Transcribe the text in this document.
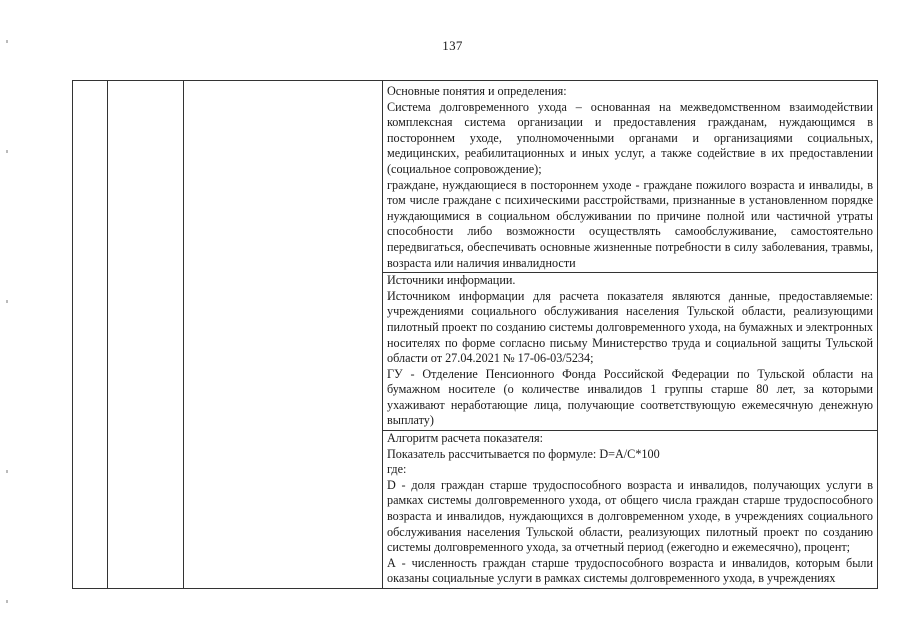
137

Основные понятия и определения:

Система долговременного ухода – основанная на межведомственном взаимодействии комплексная система организации и предоставления гражданам, нуждающимся в постороннем уходе, уполномоченными органами и организациями социальных, медицинских, реабилитационных и иных услуг, а также содействие в их предоставлении (социальное сопровождение);

граждане, нуждающиеся в постороннем уходе - граждане пожилого возраста и инвалиды, в том числе граждане с психическими расстройствами, признанные в установленном порядке нуждающимися в социальном обслуживании по причине полной или частичной утраты способности либо возможности осуществлять самообслуживание, самостоятельно передвигаться, обеспечивать основные жизненные потребности в силу заболевания, травмы, возраста или наличия инвалидности

Источники информации.

Источником информации для расчета показателя являются данные, предоставляемые: учреждениями социального обслуживания населения Тульской области, реализующими пилотный проект по созданию системы долговременного ухода, на бумажных и электронных носителях по форме согласно письму Министерство труда и социальной защиты Тульской области от 27.04.2021 № 17-06-03/5234;

ГУ - Отделение Пенсионного Фонда Российской Федерации по Тульской области на бумажном носителе (о количестве инвалидов 1 группы старше 80 лет, за которыми ухаживают неработающие лица, получающие соответствующую ежемесячную денежную выплату)

Алгоритм расчета показателя:

Показатель рассчитывается по формуле: D=A/C*100

где:

D - доля граждан старше трудоспособного возраста и инвалидов, получающих услуги в рамках системы долговременного ухода, от общего числа граждан старше трудоспособного возраста и инвалидов, нуждающихся в долговременном уходе, в учреждениях социального обслуживания населения Тульской области, реализующих пилотный проект по созданию системы долговременного ухода, за отчетный период (ежегодно и ежемесячно), процент;

А - численность граждан старше трудоспособного возраста и инвалидов, которым были оказаны социальные услуги в рамках системы долговременного ухода, в учреждениях
